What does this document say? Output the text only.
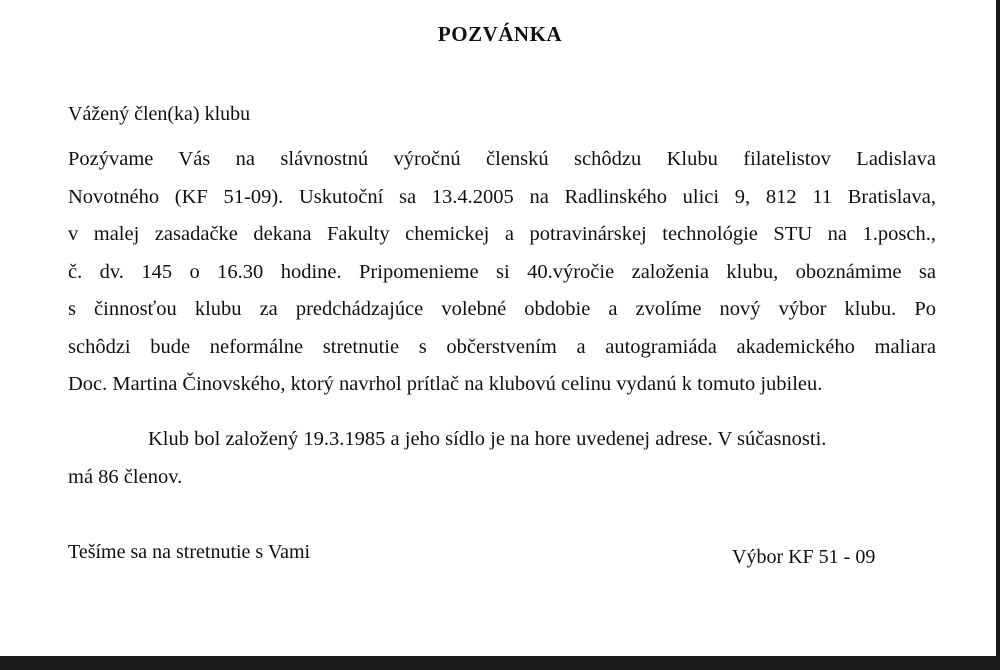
POZVÁNKA
Vážený člen(ka) klubu
Pozývame Vás na slávnostnú výročnú členskú schôdzu Klubu filatelistov Ladislava
Novotného (KF 51-09). Uskutoční sa 13.4.2005 na Radlinského ulici 9, 812 11 Bratislava,
v malej zasadačke dekana Fakulty chemickej a potravinárskej technológie STU na 1.posch.,
č. dv. 145 o 16.30 hodine. Pripomenieme si 40.výročie založenia klubu, oboznámime sa
s činnosťou klubu za predchádzajúce volebné obdobie a zvolíme nový výbor klubu. Po
schôdzi bude neformálne stretnutie s občerstvením a autogramiáda akademického maliara
Doc. Martina Činovského, ktorý navrhol prítlač na klubovú celinu vydanú k tomuto jubileu.
Klub bol založený 19.3.1985 a jeho sídlo je na hore uvedenej adrese. V súčasnosti.
má 86 členov.
Tešíme sa na stretnutie s Vami	Výbor KF 51 - 09
